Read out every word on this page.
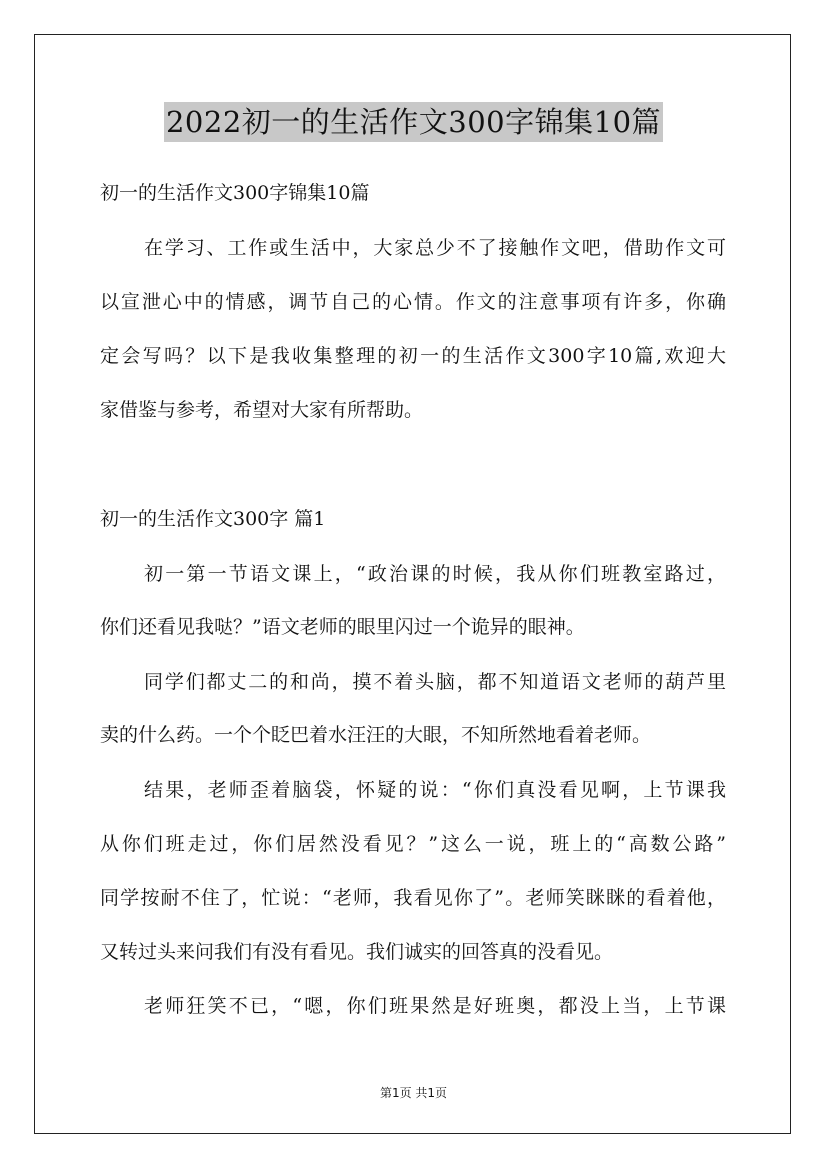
2022初一的生活作文300字锦集10篇
初一的生活作文300字锦集10篇
在学习、工作或生活中，大家总少不了接触作文吧，借助作文可
以宣泄心中的情感，调节自己的心情。作文的注意事项有许多，你确
定会写吗？以下是我收集整理的初一的生活作文300字10篇,欢迎大
家借鉴与参考，希望对大家有所帮助。
初一的生活作文300字 篇1
初一第一节语文课上，“政治课的时候，我从你们班教室路过，
你们还看见我哒？”语文老师的眼里闪过一个诡异的眼神。
同学们都丈二的和尚，摸不着头脑，都不知道语文老师的葫芦里
卖的什么药。一个个眨巴着水汪汪的大眼，不知所然地看着老师。
结果，老师歪着脑袋，怀疑的说：“你们真没看见啊，上节课我
从你们班走过，你们居然没看见？”这么一说，班上的“高数公路”
同学按耐不住了，忙说：“老师，我看见你了”。老师笑眯眯的看着他，
又转过头来问我们有没有看见。我们诚实的回答真的没看见。
老师狂笑不已，“嗯，你们班果然是好班奥，都没上当，上节课
第1页 共1页
